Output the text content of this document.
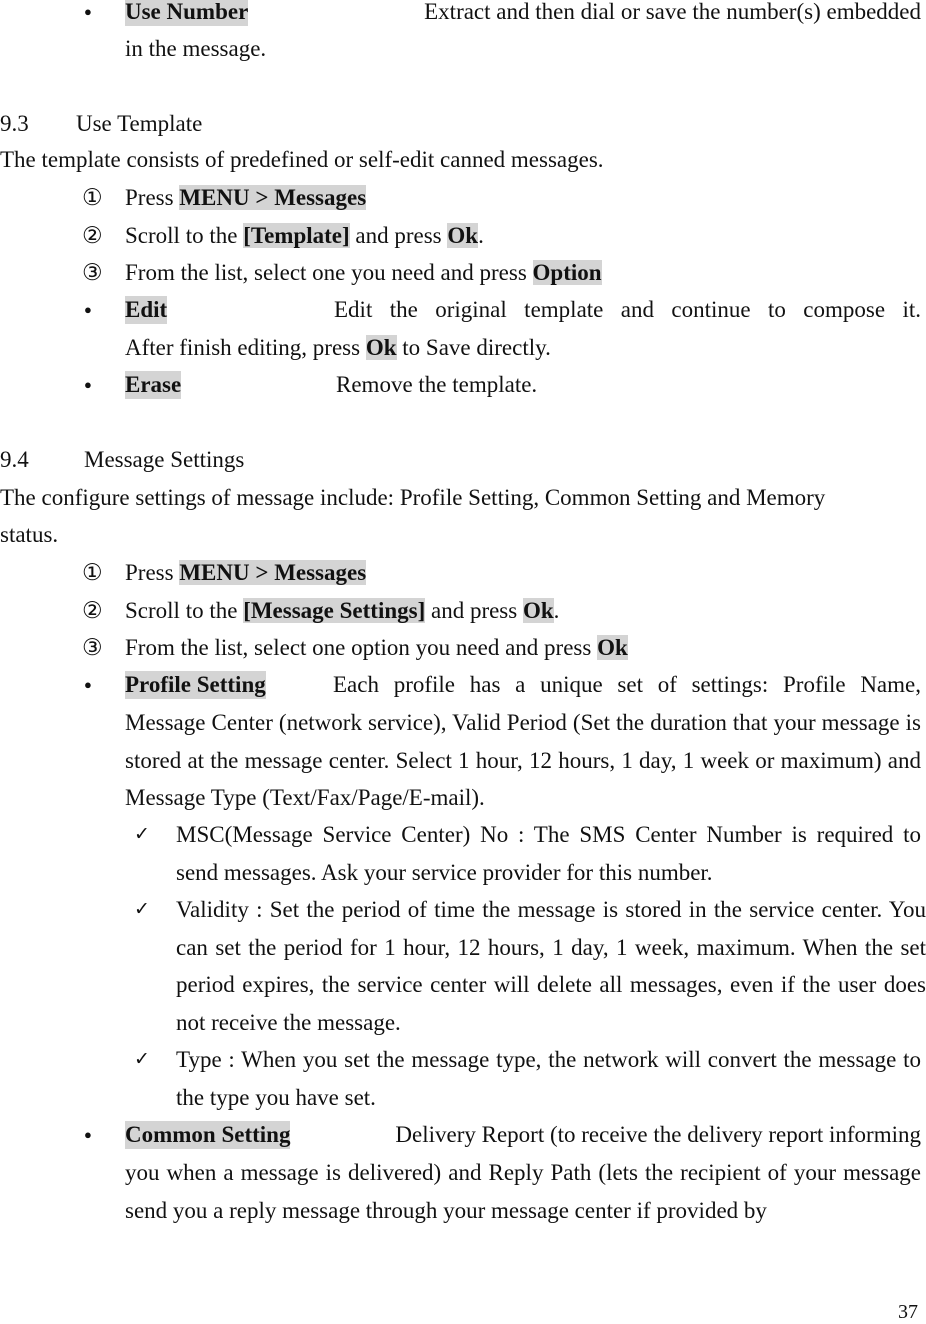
● Use Number	Extract and then dial or save the number(s) embedded
in the message.
9.3 Use Template
The template consists of predefined or self-edit canned messages.
① Press MENU > Messages
② Scroll to the [Template] and press Ok.
③ From the list, select one you need and press Option
● Edit	Edit the original template and continue to compose it.
After finish editing, press Ok to Save directly.
● Erase	Remove the template.
9.4 Message Settings
The configure settings of message include: Profile Setting, Common Setting and Memory
status.
① Press MENU > Messages
② Scroll to the [Message Settings] and press Ok.
③ From the list, select one option you need and press Ok
● Profile Setting	Each profile has a unique set of settings: Profile Name,
Message Center (network service), Valid Period (Set the duration that your message is stored at the message center. Select 1 hour, 12 hours, 1 day, 1 week or maximum) and Message Type (Text/Fax/Page/E-mail).
✓ MSC(Message Service Center) No : The SMS Center Number is required to send messages. Ask your service provider for this number.
✓ Validity : Set the period of time the message is stored in the service center. You can set the period for 1 hour, 12 hours, 1 day, 1 week, maximum. When the set period expires, the service center will delete all messages, even if the user does not receive the message.
✓ Type : When you set the message type, the network will convert the message to the type you have set.
● Common Setting	Delivery Report (to receive the delivery report informing
you when a message is delivered) and Reply Path (lets the recipient of your message send you a reply message through your message center if provided by
37
